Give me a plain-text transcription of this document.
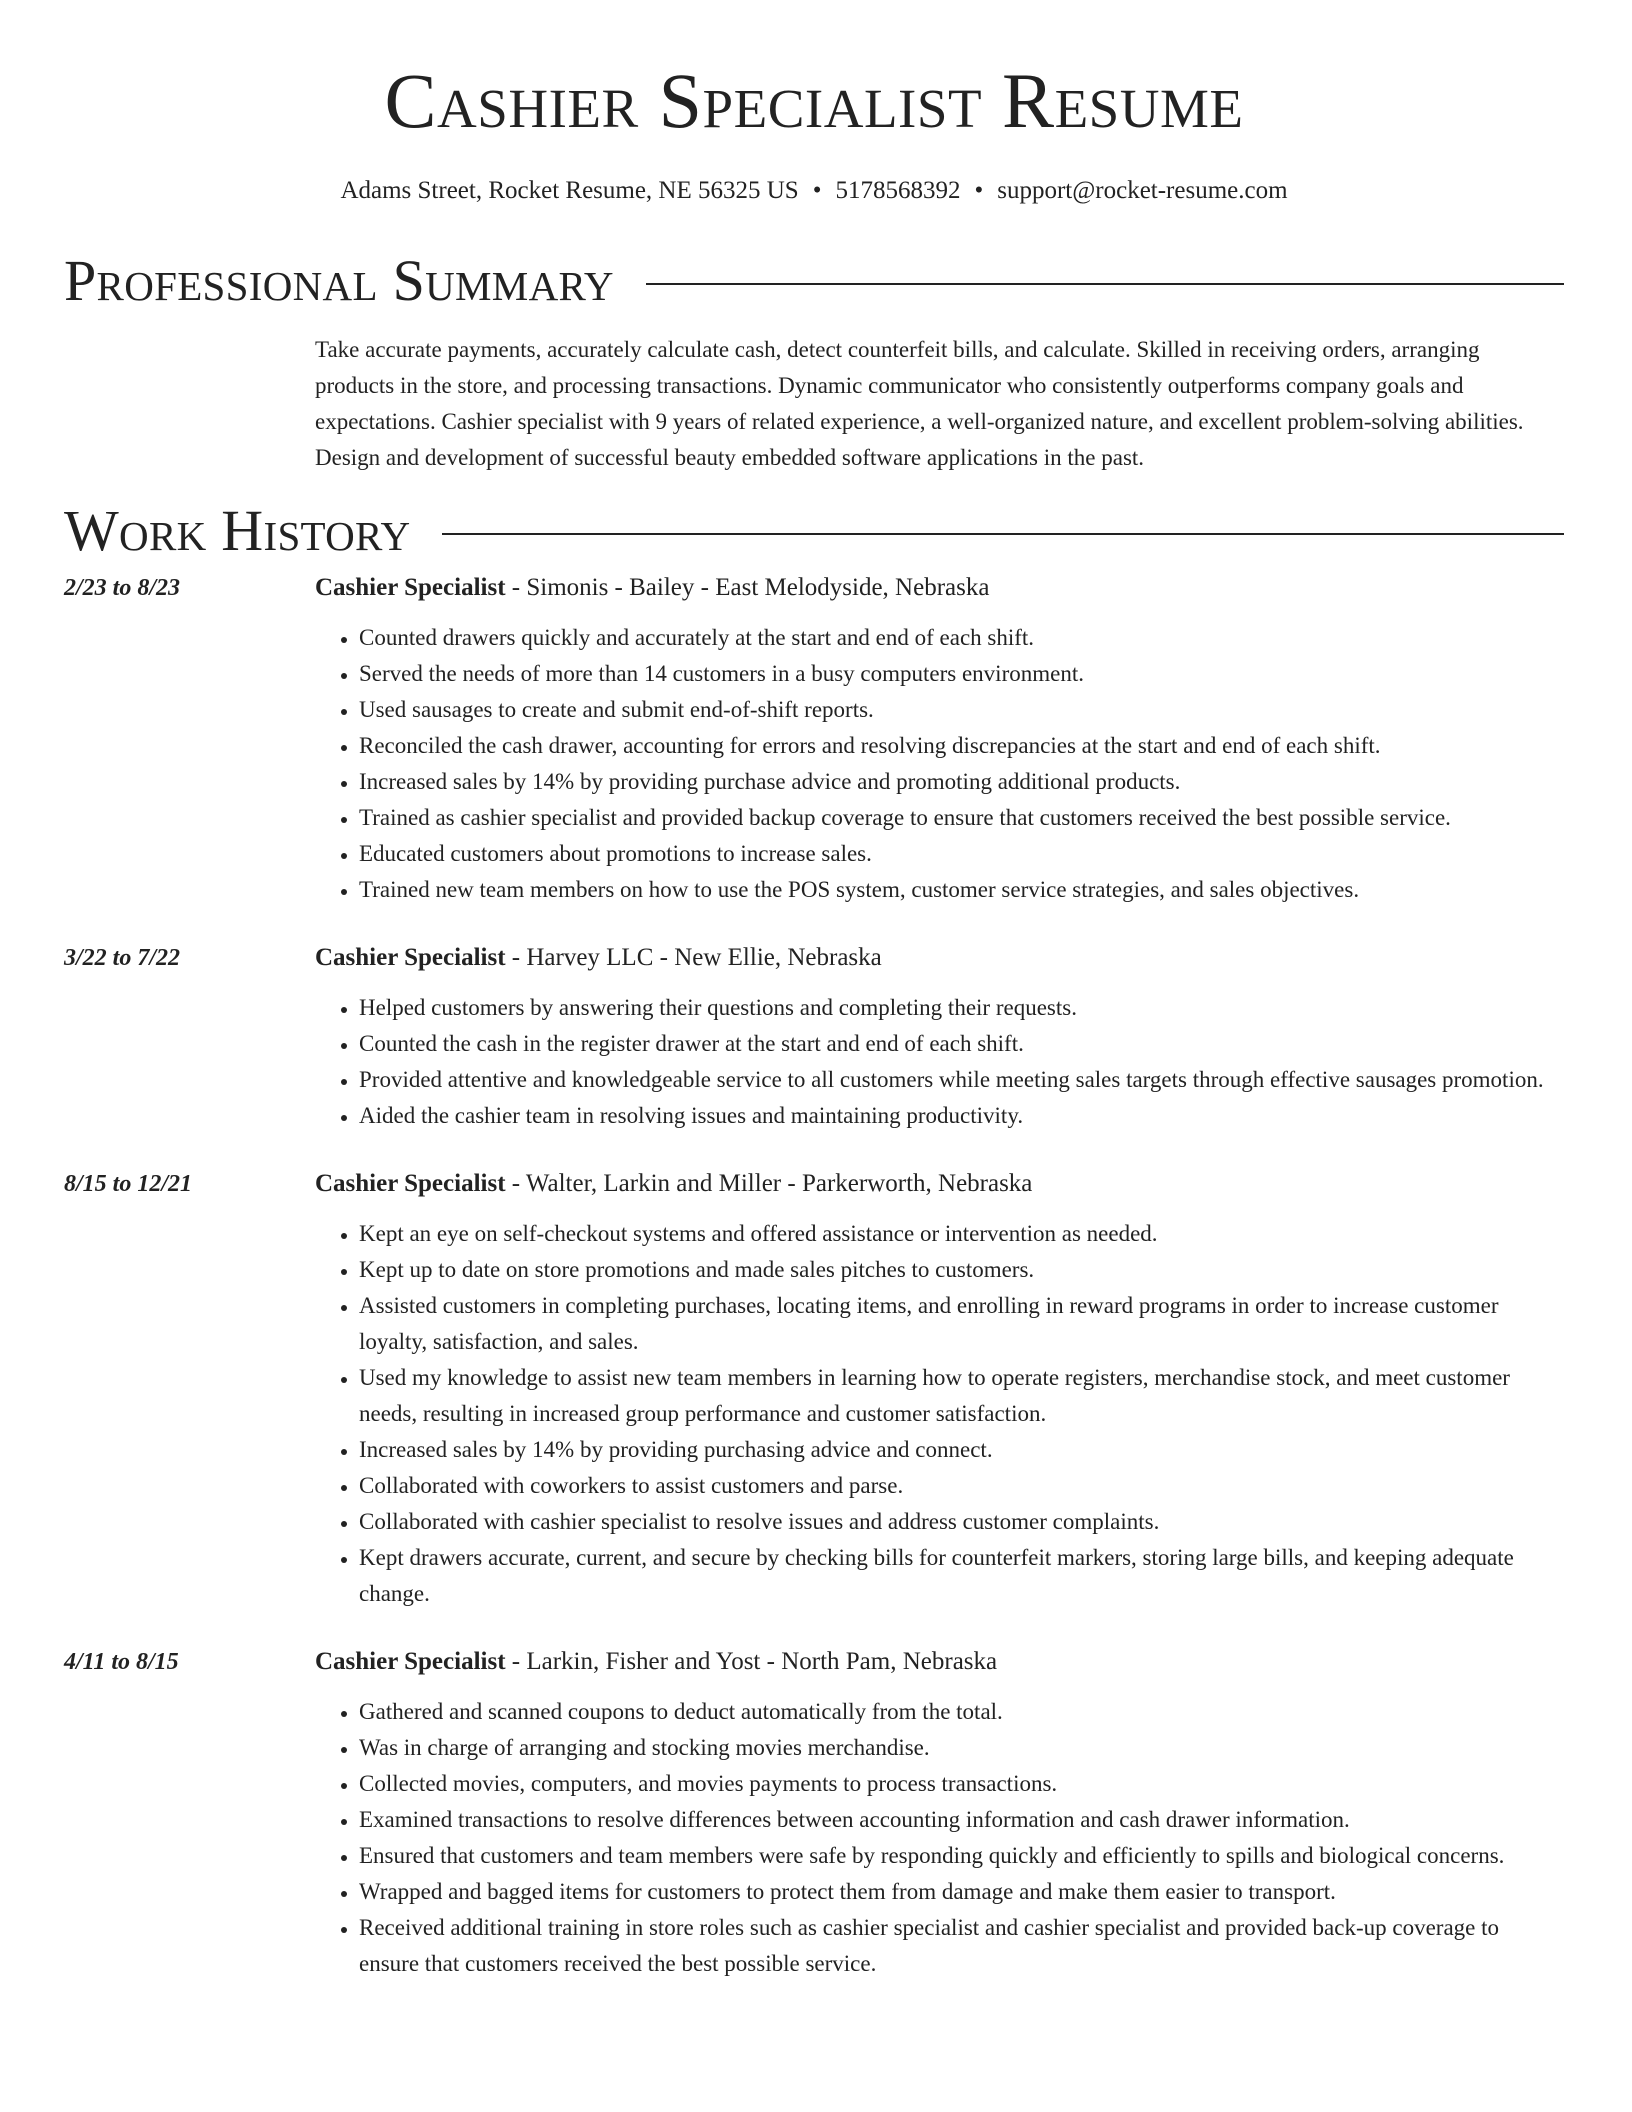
Cashier Specialist Resume
Adams Street, Rocket Resume, NE 56325 US • 5178568392 • support@rocket-resume.com
Professional Summary
Take accurate payments, accurately calculate cash, detect counterfeit bills, and calculate. Skilled in receiving orders, arranging products in the store, and processing transactions. Dynamic communicator who consistently outperforms company goals and expectations. Cashier specialist with 9 years of related experience, a well-organized nature, and excellent problem-solving abilities. Design and development of successful beauty embedded software applications in the past.
Work History
2/23 to 8/23	Cashier Specialist - Simonis - Bailey - East Melodyside, Nebraska
• Counted drawers quickly and accurately at the start and end of each shift.
• Served the needs of more than 14 customers in a busy computers environment.
• Used sausages to create and submit end-of-shift reports.
• Reconciled the cash drawer, accounting for errors and resolving discrepancies at the start and end of each shift.
• Increased sales by 14% by providing purchase advice and promoting additional products.
• Trained as cashier specialist and provided backup coverage to ensure that customers received the best possible service.
• Educated customers about promotions to increase sales.
• Trained new team members on how to use the POS system, customer service strategies, and sales objectives.
3/22 to 7/22	Cashier Specialist - Harvey LLC - New Ellie, Nebraska
• Helped customers by answering their questions and completing their requests.
• Counted the cash in the register drawer at the start and end of each shift.
• Provided attentive and knowledgeable service to all customers while meeting sales targets through effective sausages promotion.
• Aided the cashier team in resolving issues and maintaining productivity.
8/15 to 12/21	Cashier Specialist - Walter, Larkin and Miller - Parkerworth, Nebraska
• Kept an eye on self-checkout systems and offered assistance or intervention as needed.
• Kept up to date on store promotions and made sales pitches to customers.
• Assisted customers in completing purchases, locating items, and enrolling in reward programs in order to increase customer loyalty, satisfaction, and sales.
• Used my knowledge to assist new team members in learning how to operate registers, merchandise stock, and meet customer needs, resulting in increased group performance and customer satisfaction.
• Increased sales by 14% by providing purchasing advice and connect.
• Collaborated with coworkers to assist customers and parse.
• Collaborated with cashier specialist to resolve issues and address customer complaints.
• Kept drawers accurate, current, and secure by checking bills for counterfeit markers, storing large bills, and keeping adequate change.
4/11 to 8/15	Cashier Specialist - Larkin, Fisher and Yost - North Pam, Nebraska
• Gathered and scanned coupons to deduct automatically from the total.
• Was in charge of arranging and stocking movies merchandise.
• Collected movies, computers, and movies payments to process transactions.
• Examined transactions to resolve differences between accounting information and cash drawer information.
• Ensured that customers and team members were safe by responding quickly and efficiently to spills and biological concerns.
• Wrapped and bagged items for customers to protect them from damage and make them easier to transport.
• Received additional training in store roles such as cashier specialist and cashier specialist and provided back-up coverage to ensure that customers received the best possible service.
